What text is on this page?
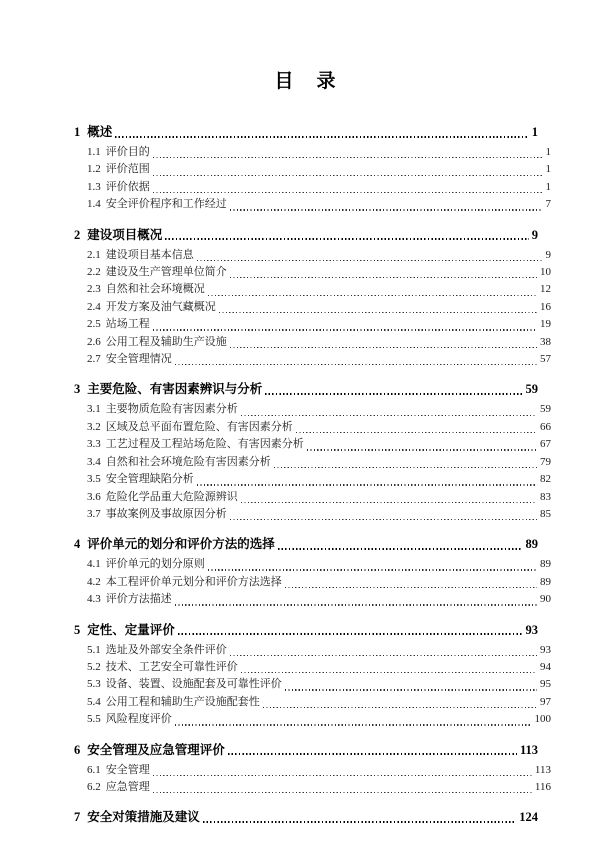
目　录
1 概述	1
1.1 评价目的	1
1.2 评价范围	1
1.3 评价依据	1
1.4 安全评价程序和工作经过	7
2 建设项目概况	9
2.1 建设项目基本信息	9
2.2 建设及生产管理单位简介	10
2.3 自然和社会环境概况	12
2.4 开发方案及油气藏概况	16
2.5 站场工程	19
2.6 公用工程及辅助生产设施	38
2.7 安全管理情况	57
3 主要危险、有害因素辨识与分析	59
3.1 主要物质危险有害因素分析	59
3.2 区域及总平面布置危险、有害因素分析	66
3.3 工艺过程及工程站场危险、有害因素分析	67
3.4 自然和社会环境危险有害因素分析	79
3.5 安全管理缺陷分析	82
3.6 危险化学品重大危险源辨识	83
3.7 事故案例及事故原因分析	85
4 评价单元的划分和评价方法的选择	89
4.1 评价单元的划分原则	89
4.2 本工程评价单元划分和评价方法选择	89
4.3 评价方法描述	90
5 定性、定量评价	93
5.1 选址及外部安全条件评价	93
5.2 技术、工艺安全可靠性评价	94
5.3 设备、装置、设施配套及可靠性评价	95
5.4 公用工程和辅助生产设施配套性	97
5.5 风险程度评价	100
6 安全管理及应急管理评价	113
6.1 安全管理	113
6.2 应急管理	116
7 安全对策措施及建议	124
